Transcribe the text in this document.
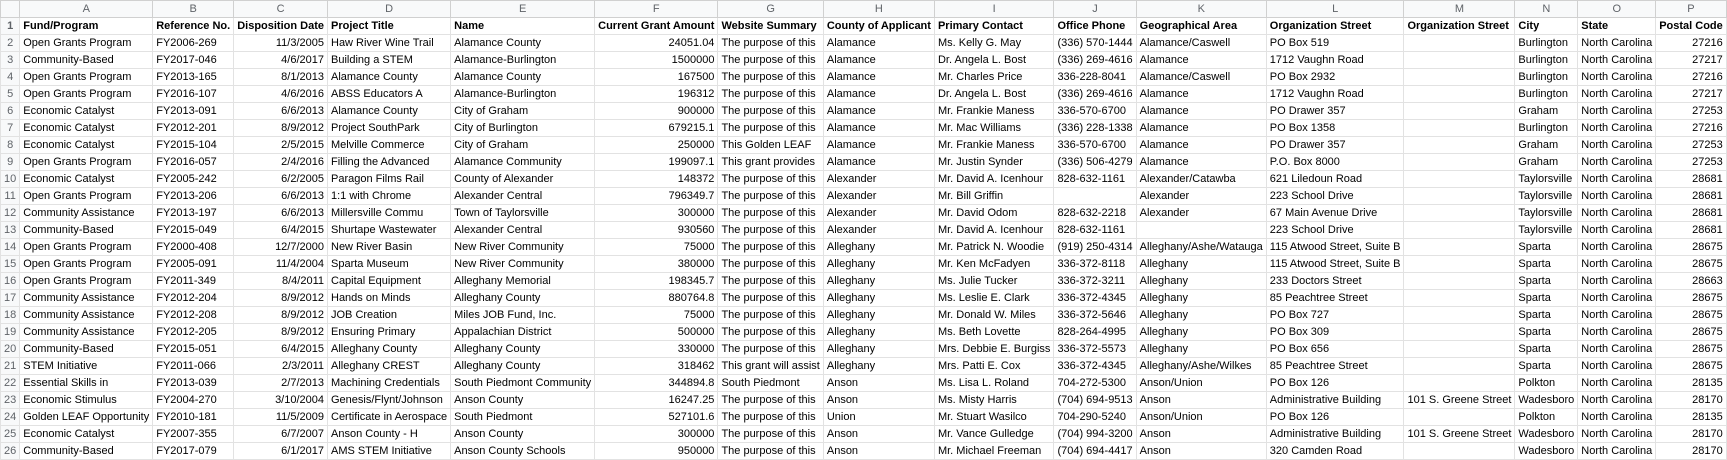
	A	B	C	D	E	F	G	H	I	J	K	L	M	N	O	P
1	Fund/Program	Reference No.	Disposition Date	Project Title	Name	Current Grant Amount	Website Summary	County of Applicant	Primary Contact	Office Phone	Geographical Area	Organization Street	Organization Street	City	State	Postal Code
2	Open Grants Program	FY2006-269	11/3/2005	Haw River Wine Trail	Alamance County	24051.04	The purpose of this	Alamance	Ms. Kelly G. May	(336) 570-1444	Alamance/Caswell	PO Box 519		Burlington	North Carolina	27216
3	Community-Based	FY2017-046	4/6/2017	Building a STEM	Alamance-Burlington	1500000	The purpose of this	Alamance	Dr. Angela L. Bost	(336) 269-4616	Alamance	1712 Vaughn Road		Burlington	North Carolina	27217
4	Open Grants Program	FY2013-165	8/1/2013	Alamance County	Alamance County	167500	The purpose of this	Alamance	Mr. Charles Price	336-228-8041	Alamance/Caswell	PO Box 2932		Burlington	North Carolina	27216
5	Open Grants Program	FY2016-107	4/6/2016	ABSS Educators A	Alamance-Burlington	196312	The purpose of this	Alamance	Dr. Angela L. Bost	(336) 269-4616	Alamance	1712 Vaughn Road		Burlington	North Carolina	27217
6	Economic Catalyst	FY2013-091	6/6/2013	Alamance County	City of Graham	900000	The purpose of this	Alamance	Mr. Frankie Maness	336-570-6700	Alamance	PO Drawer 357		Graham	North Carolina	27253
7	Economic Catalyst	FY2012-201	8/9/2012	Project SouthPark	City of Burlington	679215.1	The purpose of this	Alamance	Mr. Mac Williams	(336) 228-1338	Alamance	PO Box 1358		Burlington	North Carolina	27216
8	Economic Catalyst	FY2015-104	2/5/2015	Melville Commerce	City of Graham	250000	This Golden LEAF	Alamance	Mr. Frankie Maness	336-570-6700	Alamance	PO Drawer 357		Graham	North Carolina	27253
9	Open Grants Program	FY2016-057	2/4/2016	Filling the Advanced	Alamance Community	199097.1	This grant provides	Alamance	Mr. Justin Synder	(336) 506-4279	Alamance	P.O. Box 8000		Graham	North Carolina	27253
10	Economic Catalyst	FY2005-242	6/2/2005	Paragon Films Rail	County of Alexander	148372	The purpose of this	Alexander	Mr. David A. Icenhour	828-632-1161	Alexander/Catawba	621 Liledoun Road		Taylorsville	North Carolina	28681
11	Open Grants Program	FY2013-206	6/6/2013	1:1 with Chrome	Alexander Central	796349.7	The purpose of this	Alexander	Mr. Bill Griffin		Alexander	223 School Drive		Taylorsville	North Carolina	28681
12	Community Assistance	FY2013-197	6/6/2013	Millersville Commu	Town of Taylorsville	300000	The purpose of this	Alexander	Mr. David Odom	828-632-2218	Alexander	67 Main Avenue Drive		Taylorsville	North Carolina	28681
13	Community-Based	FY2015-049	6/4/2015	Shurtape Wastewater	Alexander Central	930560	The purpose of this	Alexander	Mr. David A. Icenhour	828-632-1161		223 School Drive		Taylorsville	North Carolina	28681
14	Open Grants Program	FY2000-408	12/7/2000	New River Basin	New River Community	75000	The purpose of this	Alleghany	Mr. Patrick N. Woodie	(919) 250-4314	Alleghany/Ashe/Watauga	115 Atwood Street, Suite B		Sparta	North Carolina	28675
15	Open Grants Program	FY2005-091	11/4/2004	Sparta Museum	New River Community	380000	The purpose of this	Alleghany	Mr. Ken McFadyen	336-372-8118	Alleghany	115 Atwood Street, Suite B		Sparta	North Carolina	28675
16	Open Grants Program	FY2011-349	8/4/2011	Capital Equipment	Alleghany Memorial	198345.7	The purpose of this	Alleghany	Ms. Julie Tucker	336-372-3211	Alleghany	233 Doctors Street		Sparta	North Carolina	28663
17	Community Assistance	FY2012-204	8/9/2012	Hands on Minds	Alleghany County	880764.8	The purpose of this	Alleghany	Ms. Leslie E. Clark	336-372-4345	Alleghany	85 Peachtree Street		Sparta	North Carolina	28675
18	Community Assistance	FY2012-208	8/9/2012	JOB Creation	Miles JOB Fund, Inc.	75000	The purpose of this	Alleghany	Mr. Donald W. Miles	336-372-5646	Alleghany	PO Box 727		Sparta	North Carolina	28675
19	Community Assistance	FY2012-205	8/9/2012	Ensuring Primary	Appalachian District	500000	The purpose of this	Alleghany	Ms. Beth Lovette	828-264-4995	Alleghany	PO Box 309		Sparta	North Carolina	28675
20	Community-Based	FY2015-051	6/4/2015	Alleghany County	Alleghany County	330000	The purpose of this	Alleghany	Mrs. Debbie E. Burgiss	336-372-5573	Alleghany	PO Box 656		Sparta	North Carolina	28675
21	STEM Initiative	FY2011-066	2/3/2011	Alleghany CREST	Alleghany County	318462	This grant will assist	Alleghany	Mrs. Patti E. Cox	336-372-4345	Alleghany/Ashe/Wilkes	85 Peachtree Street		Sparta	North Carolina	28675
22	Essential Skills in	FY2013-039	2/7/2013	Machining Credentials	South Piedmont Community	344894.8	South Piedmont	Anson	Ms. Lisa L. Roland	704-272-5300	Anson/Union	PO Box 126		Polkton	North Carolina	28135
23	Economic Stimulus	FY2004-270	3/10/2004	Genesis/Flynt/Johnson	Anson County	16247.25	The purpose of this	Anson	Ms. Misty Harris	(704) 694-9513	Anson	Administrative Building	101 S. Greene Street	Wadesboro	North Carolina	28170
24	Golden LEAF Opportunity	FY2010-181	11/5/2009	Certificate in Aerospace	South Piedmont	527101.6	The purpose of this	Union	Mr. Stuart Wasilco	704-290-5240	Anson/Union	PO Box 126		Polkton	North Carolina	28135
25	Economic Catalyst	FY2007-355	6/7/2007	Anson County - H	Anson County	300000	The purpose of this	Anson	Mr. Vance Gulledge	(704) 994-3200	Anson	Administrative Building	101 S. Greene Street	Wadesboro	North Carolina	28170
26	Community-Based	FY2017-079	6/1/2017	AMS STEM Initiative	Anson County Schools	950000	The purpose of this	Anson	Mr. Michael Freeman	(704) 694-4417	Anson	320 Camden Road		Wadesboro	North Carolina	28170
